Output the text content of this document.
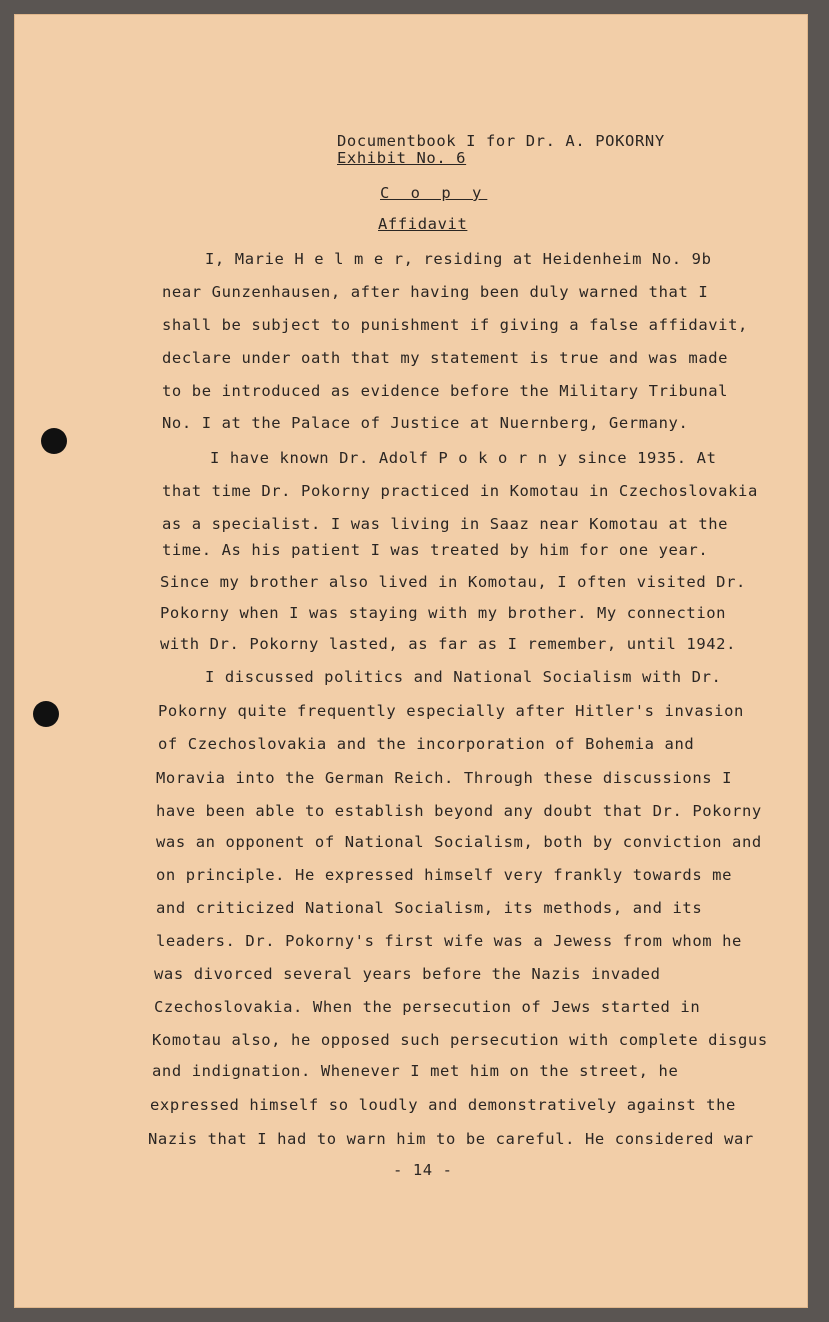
Documentbook I for Dr. A. POKORNY
Exhibit No. 6
C o p y
Affidavit
I, Marie H e l m e r, residing at Heidenheim No. 9b
near Gunzenhausen, after having been duly warned that I
shall be subject to punishment if giving a false affidavit,
declare under oath that my statement is true and was made
to be introduced as evidence before the Military Tribunal
No. I at the Palace of Justice at Nuernberg, Germany.
I have known Dr. Adolf P o k o r n y since 1935. At
that time Dr. Pokorny practiced in Komotau in Czechoslovakia
as a specialist. I was living in Saaz near Komotau at the
time. As his patient I was treated by him for one year.
Since my brother also lived in Komotau, I often visited Dr.
Pokorny when I was staying with my brother. My connection
with Dr. Pokorny lasted, as far as I remember, until 1942.
I discussed politics and National Socialism with Dr.
Pokorny quite frequently especially after Hitler's invasion
of Czechoslovakia and the incorporation of Bohemia and
Moravia into the German Reich. Through these discussions I
have been able to establish beyond any doubt that Dr. Pokorny
was an opponent of National Socialism, both by conviction and
on principle. He expressed himself very frankly towards me
and criticized National Socialism, its methods, and its
leaders. Dr. Pokorny's first wife was a Jewess from whom he
was divorced several years before the Nazis invaded
Czechoslovakia. When the persecution of Jews started in
Komotau also, he opposed such persecution with complete disgus
and indignation. Whenever I met him on the street, he
expressed himself so loudly and demonstratively against the
Nazis that I had to warn him to be careful. He considered war
- 14 -
